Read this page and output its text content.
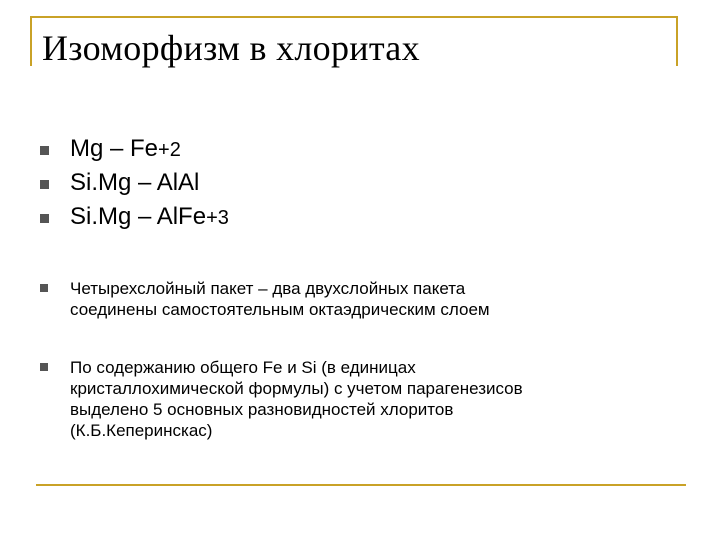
Изоморфизм в хлоритах
Mg – Fe+2
Si.Mg – AlAl
Si.Mg – AlFe+3
Четырехслойный пакет – два двухслойных пакета
соединены самостоятельным октаэдрическим слоем
По содержанию общего Fe и Si (в единицах
кристаллохимической формулы) с учетом парагенезисов
выделено 5 основных разновидностей хлоритов
(К.Б.Кеперинскас)
